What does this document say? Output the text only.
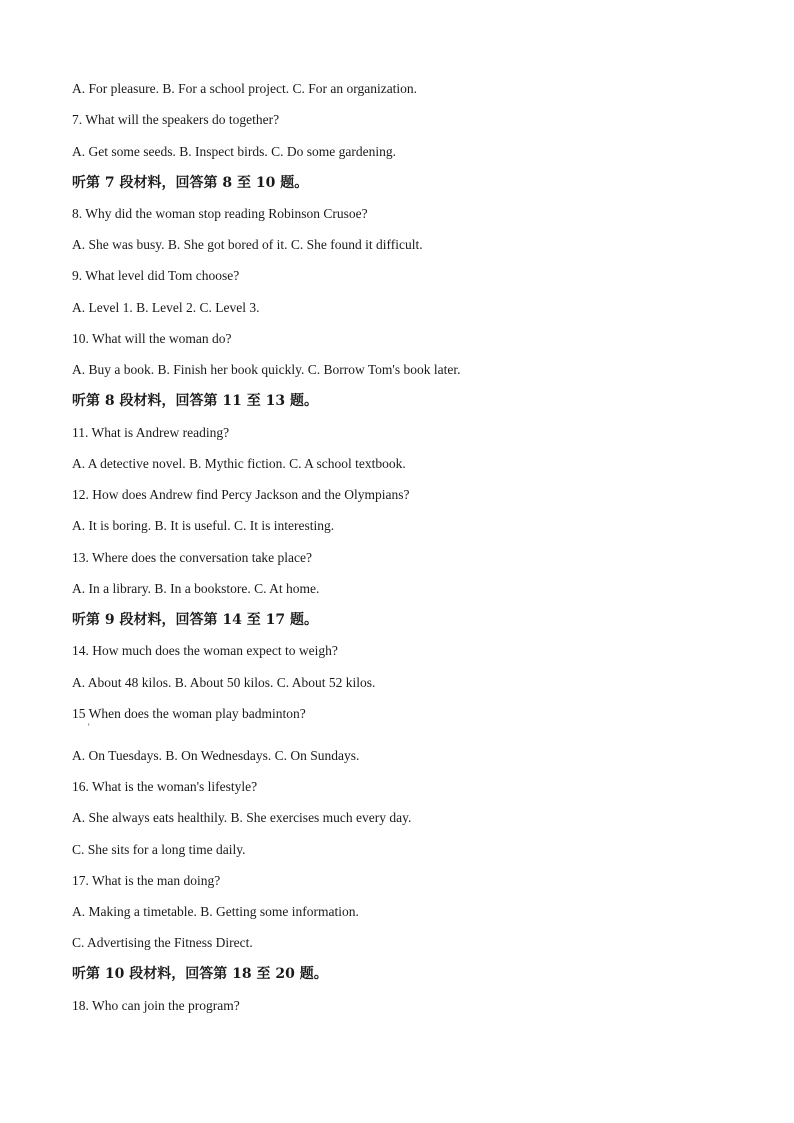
A. For pleasure. B. For a school project. C. For an organization.
7. What will the speakers do together?
A. Get some seeds. B. Inspect birds. C. Do some gardening.
听第 7 段材料，回答第 8 至 10 题。
8. Why did the woman stop reading Robinson Crusoe?
A. She was busy. B. She got bored of it. C. She found it difficult.
9. What level did Tom choose?
A. Level 1. B. Level 2. C. Level 3.
10. What will the woman do?
A. Buy a book. B. Finish her book quickly. C. Borrow Tom's book later.
听第 8 段材料，回答第 11 至 13 题。
11. What is Andrew reading?
A. A detective novel. B. Mythic fiction. C. A school textbook.
12. How does Andrew find Percy Jackson and the Olympians?
A. It is boring. B. It is useful. C. It is interesting.
13. Where does the conversation take place?
A. In a library. B. In a bookstore. C. At home.
听第 9 段材料，回答第 14 至 17 题。
14. How much does the woman expect to weigh?
A. About 48 kilos. B. About 50 kilos. C. About 52 kilos.
15 When does the woman play badminton?
'
A. On Tuesdays. B. On Wednesdays. C. On Sundays.
16. What is the woman's lifestyle?
A. She always eats healthily. B. She exercises much every day.
C. She sits for a long time daily.
17. What is the man doing?
A. Making a timetable. B. Getting some information.
C. Advertising the Fitness Direct.
听第 10 段材料，回答第 18 至 20 题。
18. Who can join the program?
